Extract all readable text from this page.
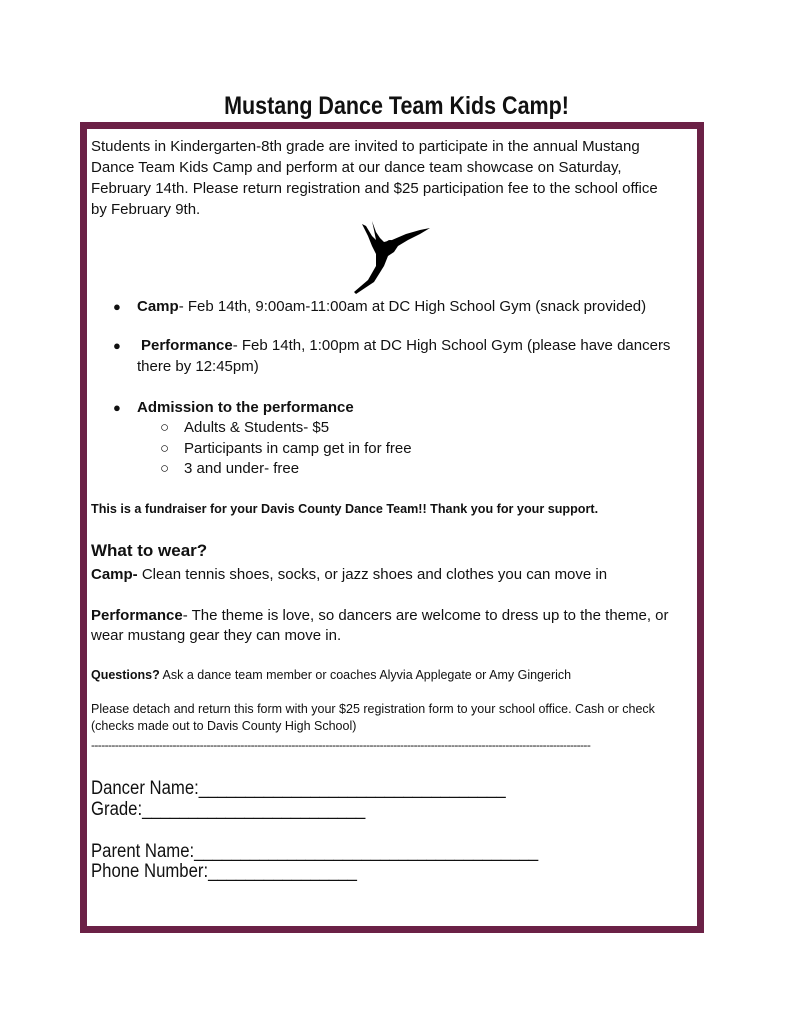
Mustang Dance Team Kids Camp!
Students in Kindergarten-8th grade are invited to participate in the annual Mustang
Dance Team Kids Camp and perform at our dance team showcase on Saturday,
February 14th. Please return registration and $25 participation fee to the school office
by February 9th.
● Camp- Feb 14th, 9:00am-11:00am at DC High School Gym (snack provided)
● Performance- Feb 14th, 1:00pm at DC High School Gym (please have dancers
there by 12:45pm)
● Admission to the performance
○ Adults & Students- $5
○ Participants in camp get in for free
○ 3 and under- free
This is a fundraiser for your Davis County Dance Team!! Thank you for your support.
What to wear?
Camp- Clean tennis shoes, socks, or jazz shoes and clothes you can move in
Performance- The theme is love, so dancers are welcome to dress up to the theme, or
wear mustang gear they can move in.
Questions? Ask a dance team member or coaches Alyvia Applegate or Amy Gingerich
Please detach and return this form with your $25 registration form to your school office. Cash or check
(checks made out to Davis County High School)
---------------------------------------------------------------------------------------------------------------------------------------------------
Dancer Name:_________________________________
Grade:________________________
Parent Name:_____________________________________
Phone Number:________________
